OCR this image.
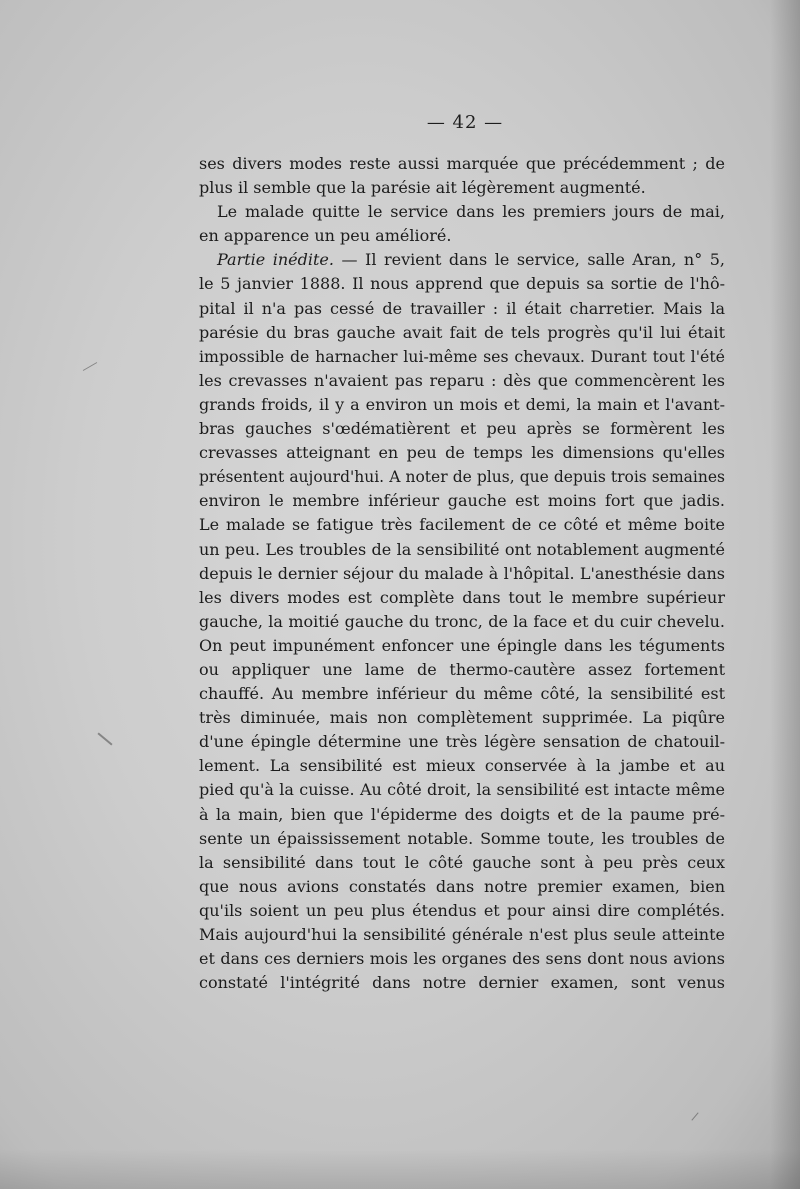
— 42 —
ses divers modes reste aussi marquée que précédemment ; de
plus il semble que la parésie ait légèrement augmenté.
Le malade quitte le service dans les premiers jours de mai,
en apparence un peu amélioré.
Partie inédite. — Il revient dans le service, salle Aran, n° 5,
le 5 janvier 1888. Il nous apprend que depuis sa sortie de l'hô-
pital il n'a pas cessé de travailler : il était charretier. Mais la
parésie du bras gauche avait fait de tels progrès qu'il lui était
impossible de harnacher lui-même ses chevaux. Durant tout l'été
les crevasses n'avaient pas reparu : dès que commencèrent les
grands froids, il y a environ un mois et demi, la main et l'avant-
bras gauches s'œdématièrent et peu après se formèrent les
crevasses atteignant en peu de temps les dimensions qu'elles
présentent aujourd'hui. A noter de plus, que depuis trois semaines
environ le membre inférieur gauche est moins fort que jadis.
Le malade se fatigue très facilement de ce côté et même boite
un peu. Les troubles de la sensibilité ont notablement augmenté
depuis le dernier séjour du malade à l'hôpital. L'anesthésie dans
les divers modes est complète dans tout le membre supérieur
gauche, la moitié gauche du tronc, de la face et du cuir chevelu.
On peut impunément enfoncer une épingle dans les téguments
ou appliquer une lame de thermo-cautère assez fortement
chauffé. Au membre inférieur du même côté, la sensibilité est
très diminuée, mais non complètement supprimée. La piqûre
d'une épingle détermine une très légère sensation de chatouil-
lement. La sensibilité est mieux conservée à la jambe et au
pied qu'à la cuisse. Au côté droit, la sensibilité est intacte même
à la main, bien que l'épiderme des doigts et de la paume pré-
sente un épaississement notable. Somme toute, les troubles de
la sensibilité dans tout le côté gauche sont à peu près ceux
que nous avions constatés dans notre premier examen, bien
qu'ils soient un peu plus étendus et pour ainsi dire complétés.
Mais aujourd'hui la sensibilité générale n'est plus seule atteinte
et dans ces derniers mois les organes des sens dont nous avions
constaté l'intégrité dans notre dernier examen, sont venus
